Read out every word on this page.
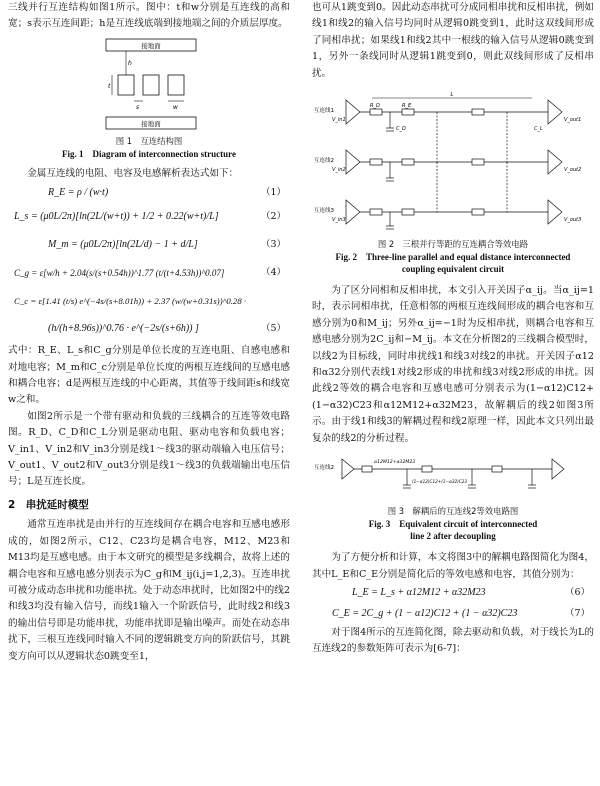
三线并行互连结构如图1所示。图中：t和w分别是互连线的高和宽；s表示互连间距；h是互连线底端到接地端之间的介质层厚度。

接地面
接地面
t
h
s	w
图 1　互连结构图
Fig. 1　Diagram of interconnection structure

金属互连线的电阻、电容及电感解析表达式如下：

R_E = ρ / (w·t)	（1）
L_s = (μ0L/2π)[ln(2L/(w+t)) + 1/2 + 0.22(w+t)/L]	（2）
M_m = (μ0L/2π)[ln(2L/d) − 1 + d/L]	（3）
C_g = ε[w/h + 2.04(s/(s+0.54h))^1.77 (t/(t+4.53h))^0.07]	（4）
C_c = ε[1.41 (t/s) e^(−4s/(s+8.01h)) + 2.37 (w/(w+0.31s))^0.28 ·
(h/(h+8.96s))^0.76 · e^(−2s/(s+6h)) ]	（5）

式中：R_E、L_s和C_g分别是单位长度的互连电阻、自感电感和对地电容；M_m和C_c分别是单位长度的两根互连线间的互感电感和耦合电容；d是两根互连线的中心距离，其值等于线间距s和线宽w之和。

如图2所示是一个带有驱动和负载的三线耦合的互连等效电路图。R_D、C_D和C_L分别是驱动电阻、驱动电容和负载电容；V_in1、V_in2和V_in3分别是线1～线3的驱动端输入电压信号；V_out1、V_out2和V_out3分别是线1～线3的负载端输出电压信号；L是互连长度。

2　串扰延时模型

通常互连串扰是由并行的互连线间存在耦合电容和互感电感形成的，如图2所示，C12、C23均是耦合电容，M12、M23和M13均是互感电感。由于本文研究的模型是多线耦合，故将上述的耦合电容和互感电感分别表示为C_g和M_ij(i,j=1,2,3)。互连串扰可被分成动态串扰和功能串扰。处于动态串扰时，比如图2中的线2和线3均没有输入信号，而线1输入一个阶跃信号，此时线2和线3的输出信号即是功能串扰，功能串扰即是输出噪声。而处在动态串扰下，三根互连线同时输入不同的逻辑跳变方向的阶跃信号，其跳变方向可以从逻辑状态0跳变至1，

也可从1跳变到0。因此动态串扰可分成同相串扰和反相串扰，例如线1和线2的输入信号均同时从逻辑0跳变到1，此时这双线间形成了同相串扰；如果线1和线2其中一根线的输入信号从逻辑0跳变到1，另外一条线同时从逻辑1跳变到0，则此双线间形成了反相串扰。

互连线1
互连线2
互连线3
L
R_D	R_E
V_in1
V_in2
V_in3
V_out1
V_out2
V_out3
C_D	C_L
图 2　三根并行等距的互连耦合等效电路
Fig. 2　Three-line parallel and equal distance interconnected
coupling equivalent circuit

为了区分同相和反相串扰，本文引入开关因子α_ij。当α_ij=1时，表示同相串扰，任意相邻的两根互连线间形成的耦合电容和互感分别为0和M_ij；另外α_ij=−1时为反相串扰，则耦合电容和互感电感分别为2C_ij和−M_ij。本文在分析图2的三线耦合模型时，以线2为目标线，同时串扰线1和线3对线2的串扰。开关因子α12和α32分别代表线1对线2形成的串扰和线3对线2形成的串扰。因此线2等效的耦合电容和互感电感可分别表示为(1−α12)C12+(1−α32)C23和α12M12+α32M23，故解耦后的线2如图3所示。由于线1和线3的解耦过程和线2原理一样，因此本文只列出最复杂的线2的分析过程。

互连线2
α12M12+α32M23
(1−α12)C12+(1−α32)C23
图 3　解耦后的互连线2等效电路图
Fig. 3　Equivalent circuit of interconnected
line 2 after decoupling

为了方便分析和计算，本文将图3中的解耦电路图简化为图4，其中L_E和C_E分别是简化后的等效电感和电容，其值分别为：

L_E = L_s + α12M12 + α32M23	（6）
C_E = 2C_g + (1 − α12)C12 + (1 − α32)C23	（7）

对于图4所示的互连简化图，除去驱动和负载，对于线长为L的互连线2的参数矩阵可表示为[6-7]：
